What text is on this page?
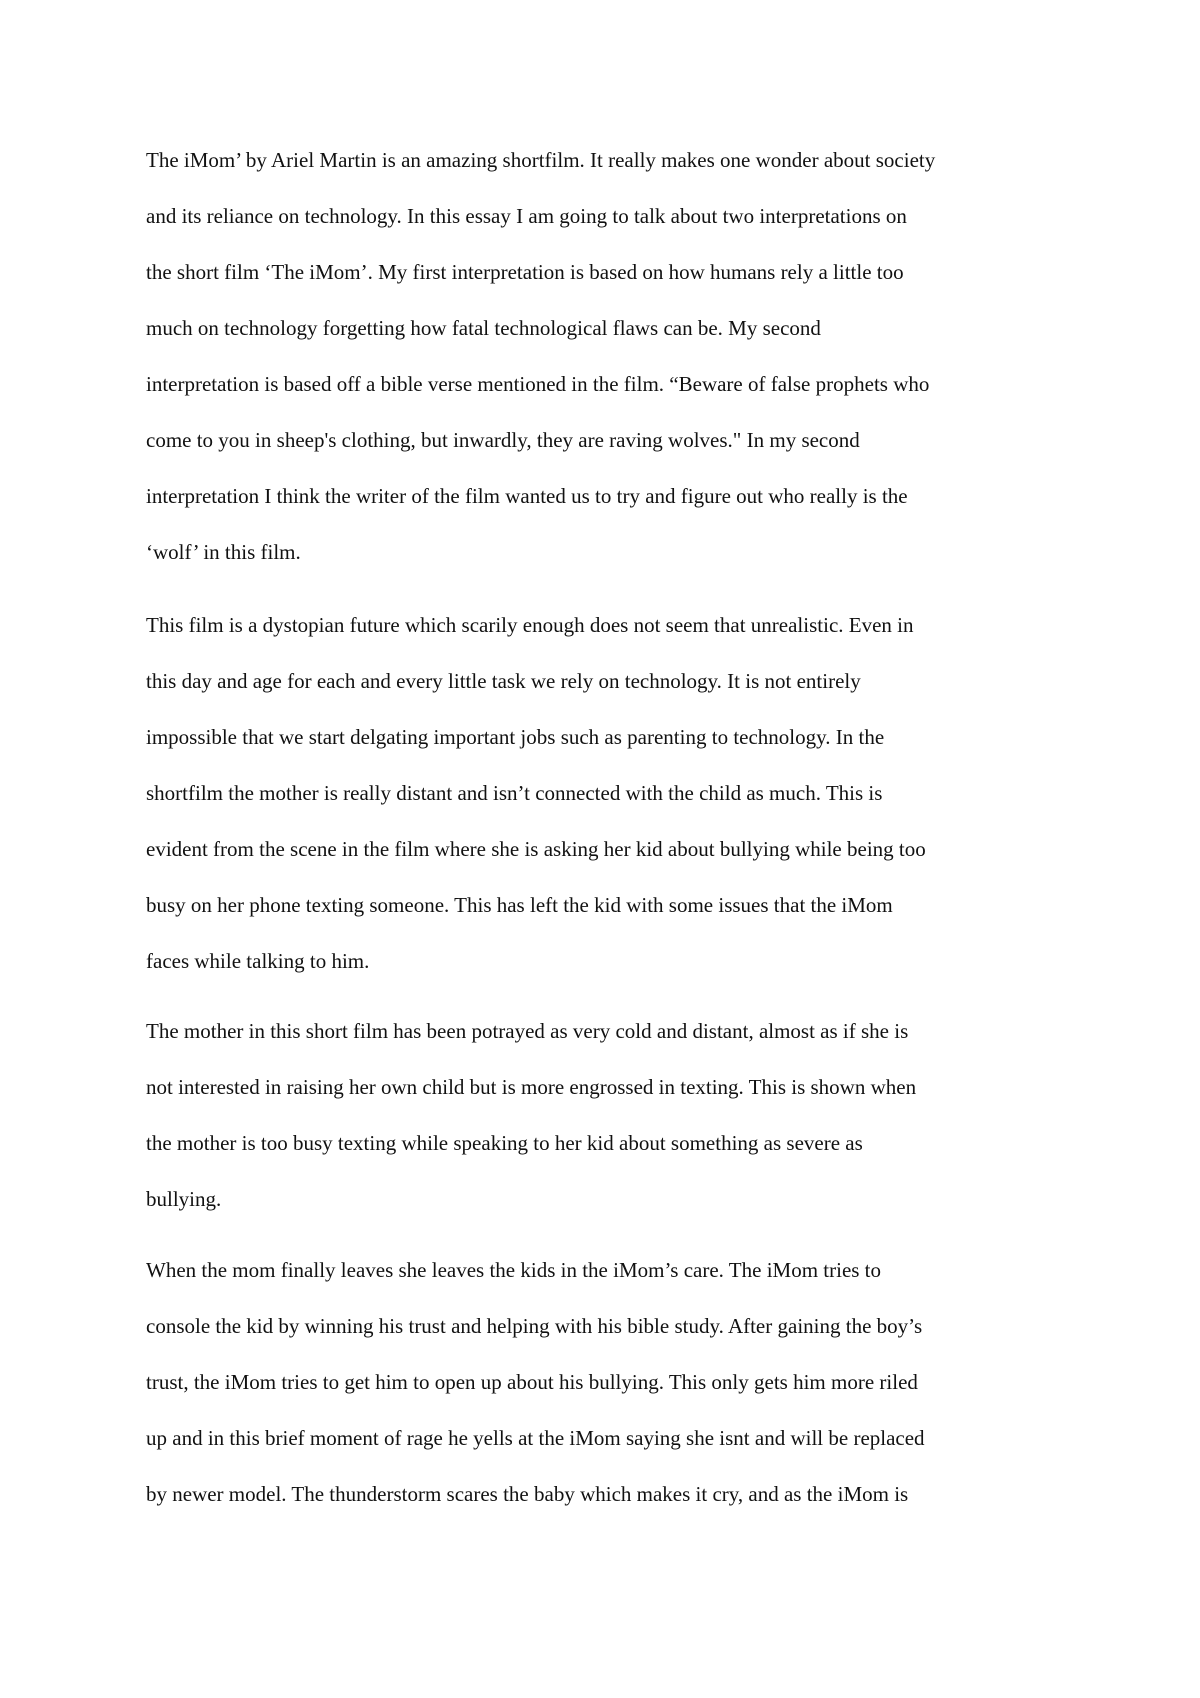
The iMom’ by Ariel Martin is an amazing shortfilm. It really makes one wonder about society
and its reliance on technology. In this essay I am going to talk about two interpretations on
the short film ‘The iMom’. My first interpretation is based on how humans rely a little too
much on technology forgetting how fatal technological flaws can be. My second
interpretation is based off a bible verse mentioned in the film. “Beware of false prophets who
come to you in sheep's clothing, but inwardly, they are raving wolves." In my second
interpretation I think the writer of the film wanted us to try and figure out who really is the
‘wolf’ in this film.
This film is a dystopian future which scarily enough does not seem that unrealistic. Even in
this day and age for each and every little task we rely on technology. It is not entirely
impossible that we start delgating important jobs such as parenting to technology. In the
shortfilm the mother is really distant and isn’t connected with the child as much. This is
evident from the scene in the film where she is asking her kid about bullying while being too
busy on her phone texting someone. This has left the kid with some issues that the iMom
faces while talking to him.
The mother in this short film has been potrayed as very cold and distant, almost as if she is
not interested in raising her own child but is more engrossed in texting. This is shown when
the mother is too busy texting while speaking to her kid about something as severe as
bullying.
When the mom finally leaves she leaves the kids in the iMom’s care. The iMom tries to
console the kid by winning his trust and helping with his bible study. After gaining the boy’s
trust, the iMom tries to get him to open up about his bullying. This only gets him more riled
up and in this brief moment of rage he yells at the iMom saying she isnt and will be replaced
by newer model. The thunderstorm scares the baby which makes it cry, and as the iMom is
